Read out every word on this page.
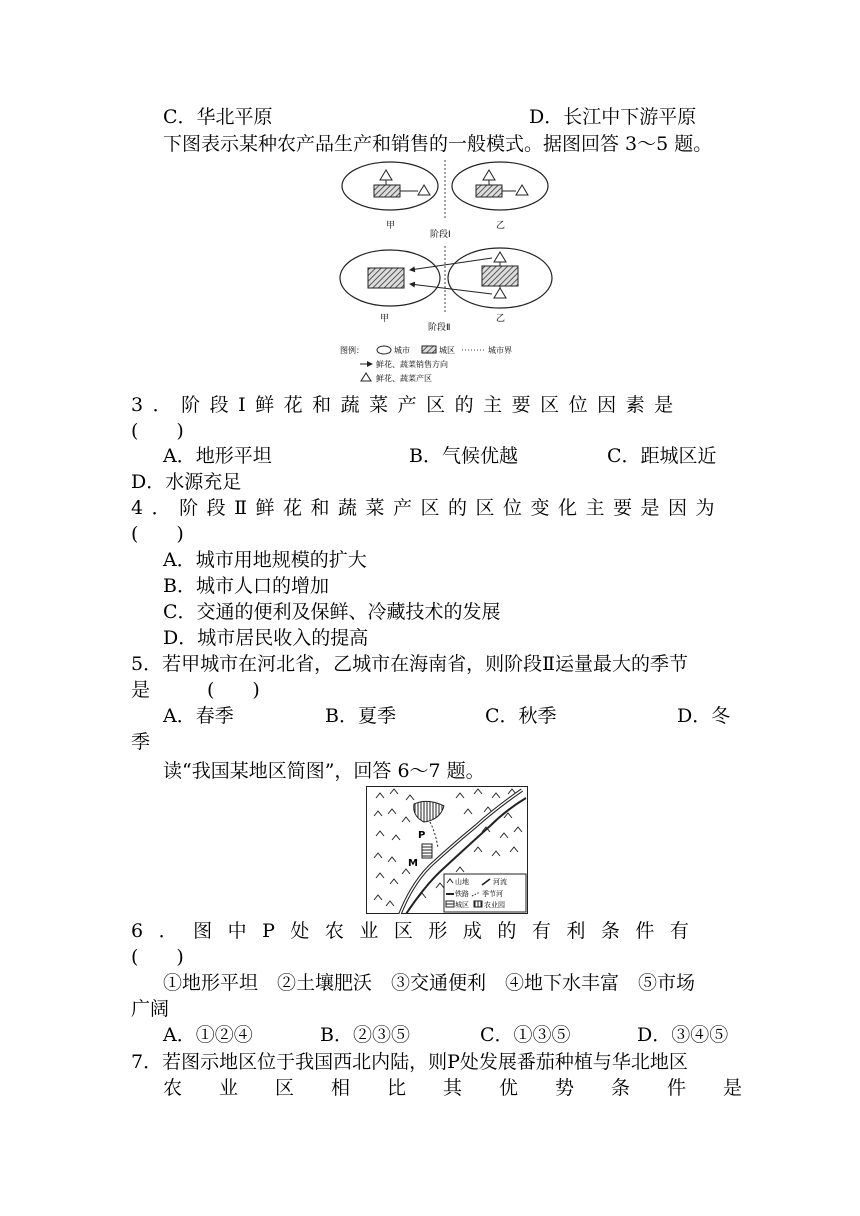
C．华北平原	D．长江中下游平原
下图表示某种农产品生产和销售的一般模式。据图回答 3～5 题。
甲	乙
阶段Ⅰ
甲	乙
阶段Ⅱ
图例：	城市	城区	城市界
鲜花、蔬菜销售方向
鲜花、蔬菜产区
3．阶段Ⅰ鲜花和蔬菜产区的主要区位因素是
(　　)
A．地形平坦	B．气候优越	C．距城区近
D．水源充足
4．阶段Ⅱ鲜花和蔬菜产区的区位变化主要是因为
(　　)
A．城市用地规模的扩大
B．城市人口的增加
C．交通的便利及保鲜、冷藏技术的发展
D．城市居民收入的提高
5．若甲城市在河北省，乙城市在海南省，则阶段Ⅱ运量最大的季节
是　　　(　　)
A．春季	B．夏季	C．秋季	D．冬
季
读“我国某地区简图”，回答 6～7 题。
P
M
山地	河流
铁路 季节河
城区 农业园
6．图中P处农业区形成的有利条件有
(　　)
①地形平坦　②土壤肥沃　③交通便利　④地下水丰富　⑤市场
广阔
A．①②④	B．②③⑤	C．①③⑤	D．③④⑤
7．若图示地区位于我国西北内陆，则P处发展番茄种植与华北地区
农业区相比其优势条件是
